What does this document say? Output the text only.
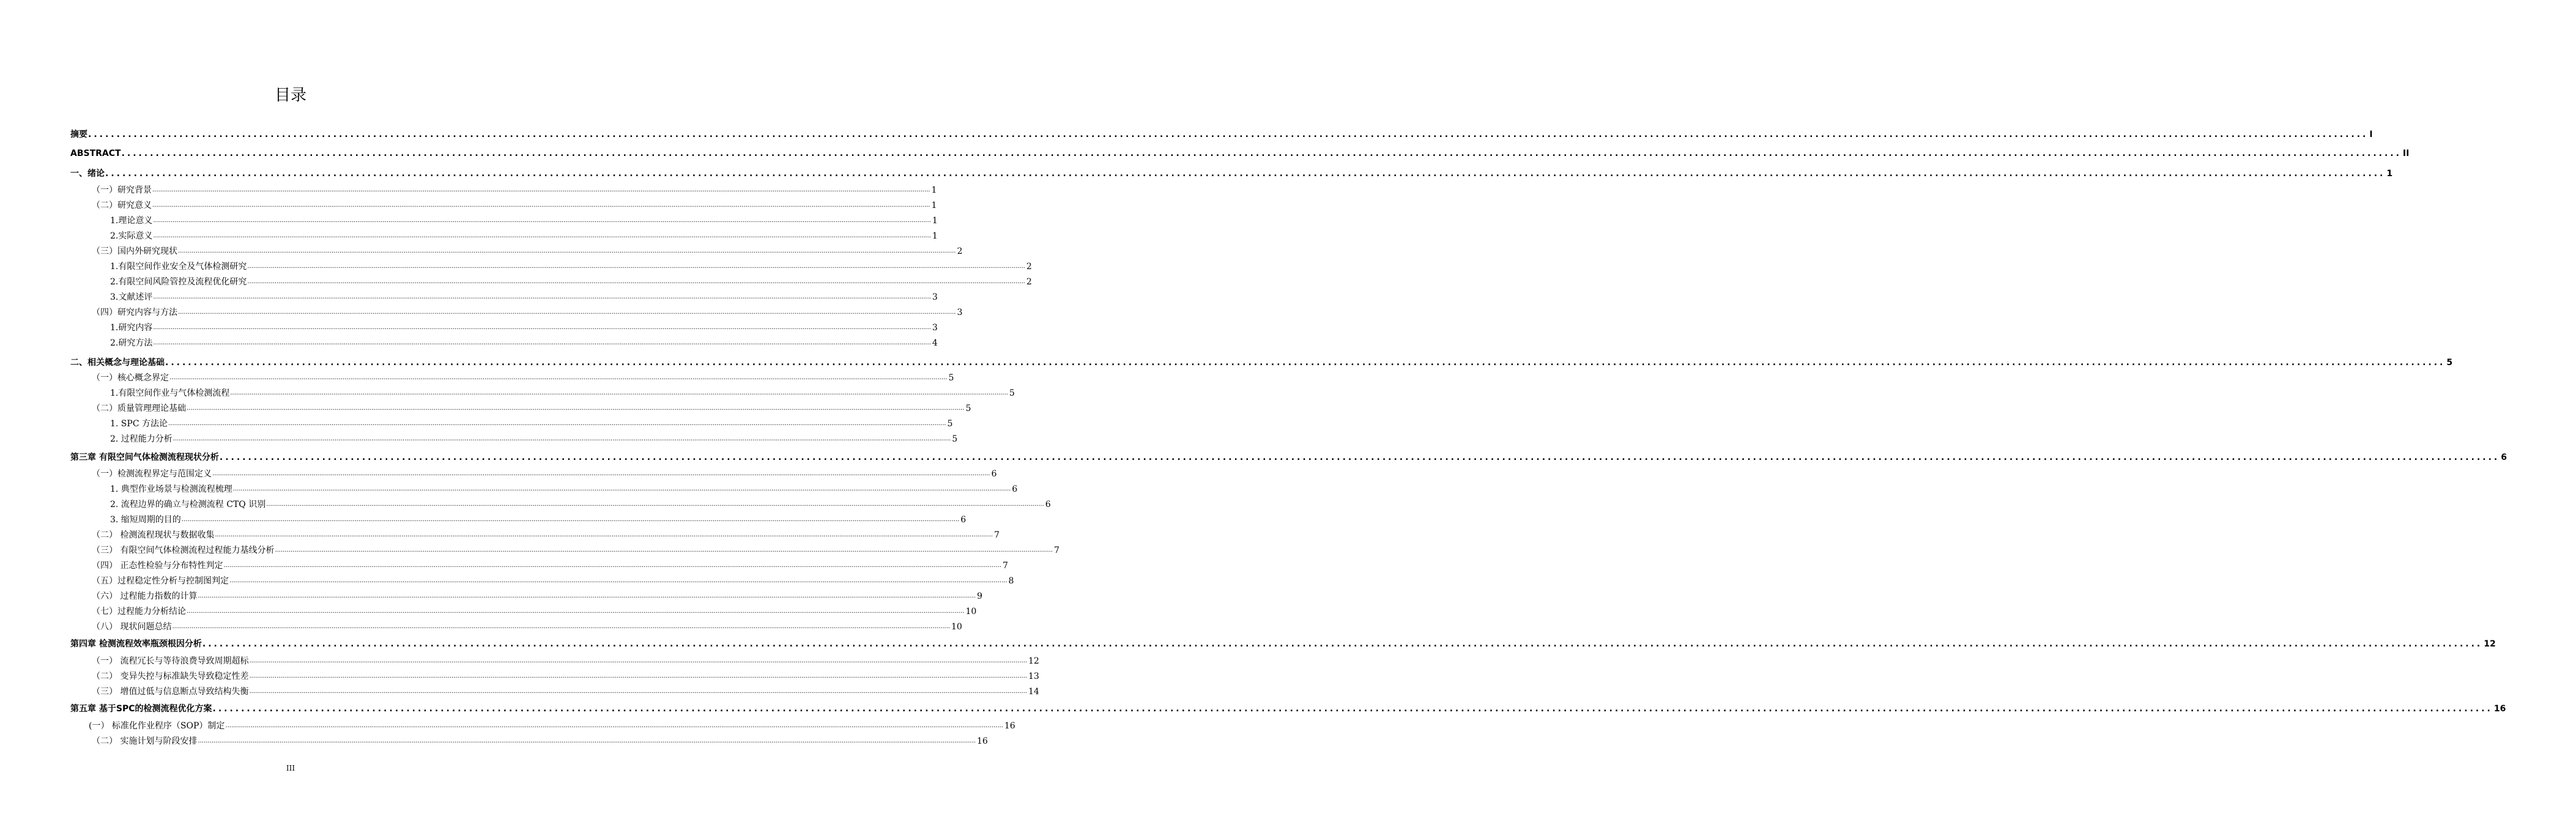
目录
摘要 ................................................................................................................................................................................................................................................................................................................................................................................................................ I
ABSTRACT ................................................................................................................................................................................................................................................................................................................................................................................................................ II
一、绪论 ................................................................................................................................................................................................................................................................................................................................................................................................................ 1
（一）研究背景 ................................................................................................................................................................................................................................................................................................................................................................................................................ 1
（二）研究意义 ................................................................................................................................................................................................................................................................................................................................................................................................................ 1
1.理论意义 ................................................................................................................................................................................................................................................................................................................................................................................................................ 1
2.实际意义 ................................................................................................................................................................................................................................................................................................................................................................................................................ 1
（三）国内外研究现状 ................................................................................................................................................................................................................................................................................................................................................................................................................ 2
1.有限空间作业安全及气体检测研究 ................................................................................................................................................................................................................................................................................................................................................................................................................ 2
2.有限空间风险管控及流程优化研究 ................................................................................................................................................................................................................................................................................................................................................................................................................ 2
3.文献述评 ................................................................................................................................................................................................................................................................................................................................................................................................................ 3
（四）研究内容与方法 ................................................................................................................................................................................................................................................................................................................................................................................................................ 3
1.研究内容 ................................................................................................................................................................................................................................................................................................................................................................................................................ 3
2.研究方法 ................................................................................................................................................................................................................................................................................................................................................................................................................ 4
二、相关概念与理论基础 ................................................................................................................................................................................................................................................................................................................................................................................................................ 5
（一）核心概念界定 ................................................................................................................................................................................................................................................................................................................................................................................................................ 5
1.有限空间作业与气体检测流程 ................................................................................................................................................................................................................................................................................................................................................................................................................ 5
（二）质量管理理论基础 ................................................................................................................................................................................................................................................................................................................................................................................................................ 5
1. SPC 方法论 ................................................................................................................................................................................................................................................................................................................................................................................................................ 5
2. 过程能力分析 ................................................................................................................................................................................................................................................................................................................................................................................................................ 5
第三章 有限空间气体检测流程现状分析 ................................................................................................................................................................................................................................................................................................................................................................................................................ 6
（一）检测流程界定与范围定义 ................................................................................................................................................................................................................................................................................................................................................................................................................ 6
1. 典型作业场景与检测流程梳理 ................................................................................................................................................................................................................................................................................................................................................................................................................ 6
2. 流程边界的确立与检测流程 CTQ 识别 ................................................................................................................................................................................................................................................................................................................................................................................................................ 6
3. 缩短周期的目的 ................................................................................................................................................................................................................................................................................................................................................................................................................ 6
（二） 检测流程现状与数据收集 ................................................................................................................................................................................................................................................................................................................................................................................................................ 7
（三） 有限空间气体检测流程过程能力基线分析 ................................................................................................................................................................................................................................................................................................................................................................................................................ 7
（四） 正态性检验与分布特性判定 ................................................................................................................................................................................................................................................................................................................................................................................................................ 7
（五）过程稳定性分析与控制图判定 ................................................................................................................................................................................................................................................................................................................................................................................................................ 8
（六） 过程能力指数的计算 ................................................................................................................................................................................................................................................................................................................................................................................................................ 9
（七）过程能力分析结论 ................................................................................................................................................................................................................................................................................................................................................................................................................ 10
（八） 现状问题总结 ................................................................................................................................................................................................................................................................................................................................................................................................................ 10
第四章 检测流程效率瓶颈根因分析 ................................................................................................................................................................................................................................................................................................................................................................................................................ 12
（一） 流程冗长与等待浪费导致周期超标 ................................................................................................................................................................................................................................................................................................................................................................................................................ 12
（二） 变异失控与标准缺失导致稳定性差 ................................................................................................................................................................................................................................................................................................................................................................................................................ 13
（三） 增值过低与信息断点导致结构失衡 ................................................................................................................................................................................................................................................................................................................................................................................................................ 14
第五章 基于SPC的检测流程优化方案 ................................................................................................................................................................................................................................................................................................................................................................................................................ 16
(一） 标准化作业程序（SOP）制定 ................................................................................................................................................................................................................................................................................................................................................................................................................ 16
（二） 实施计划与阶段安排 ................................................................................................................................................................................................................................................................................................................................................................................................................ 16
III
